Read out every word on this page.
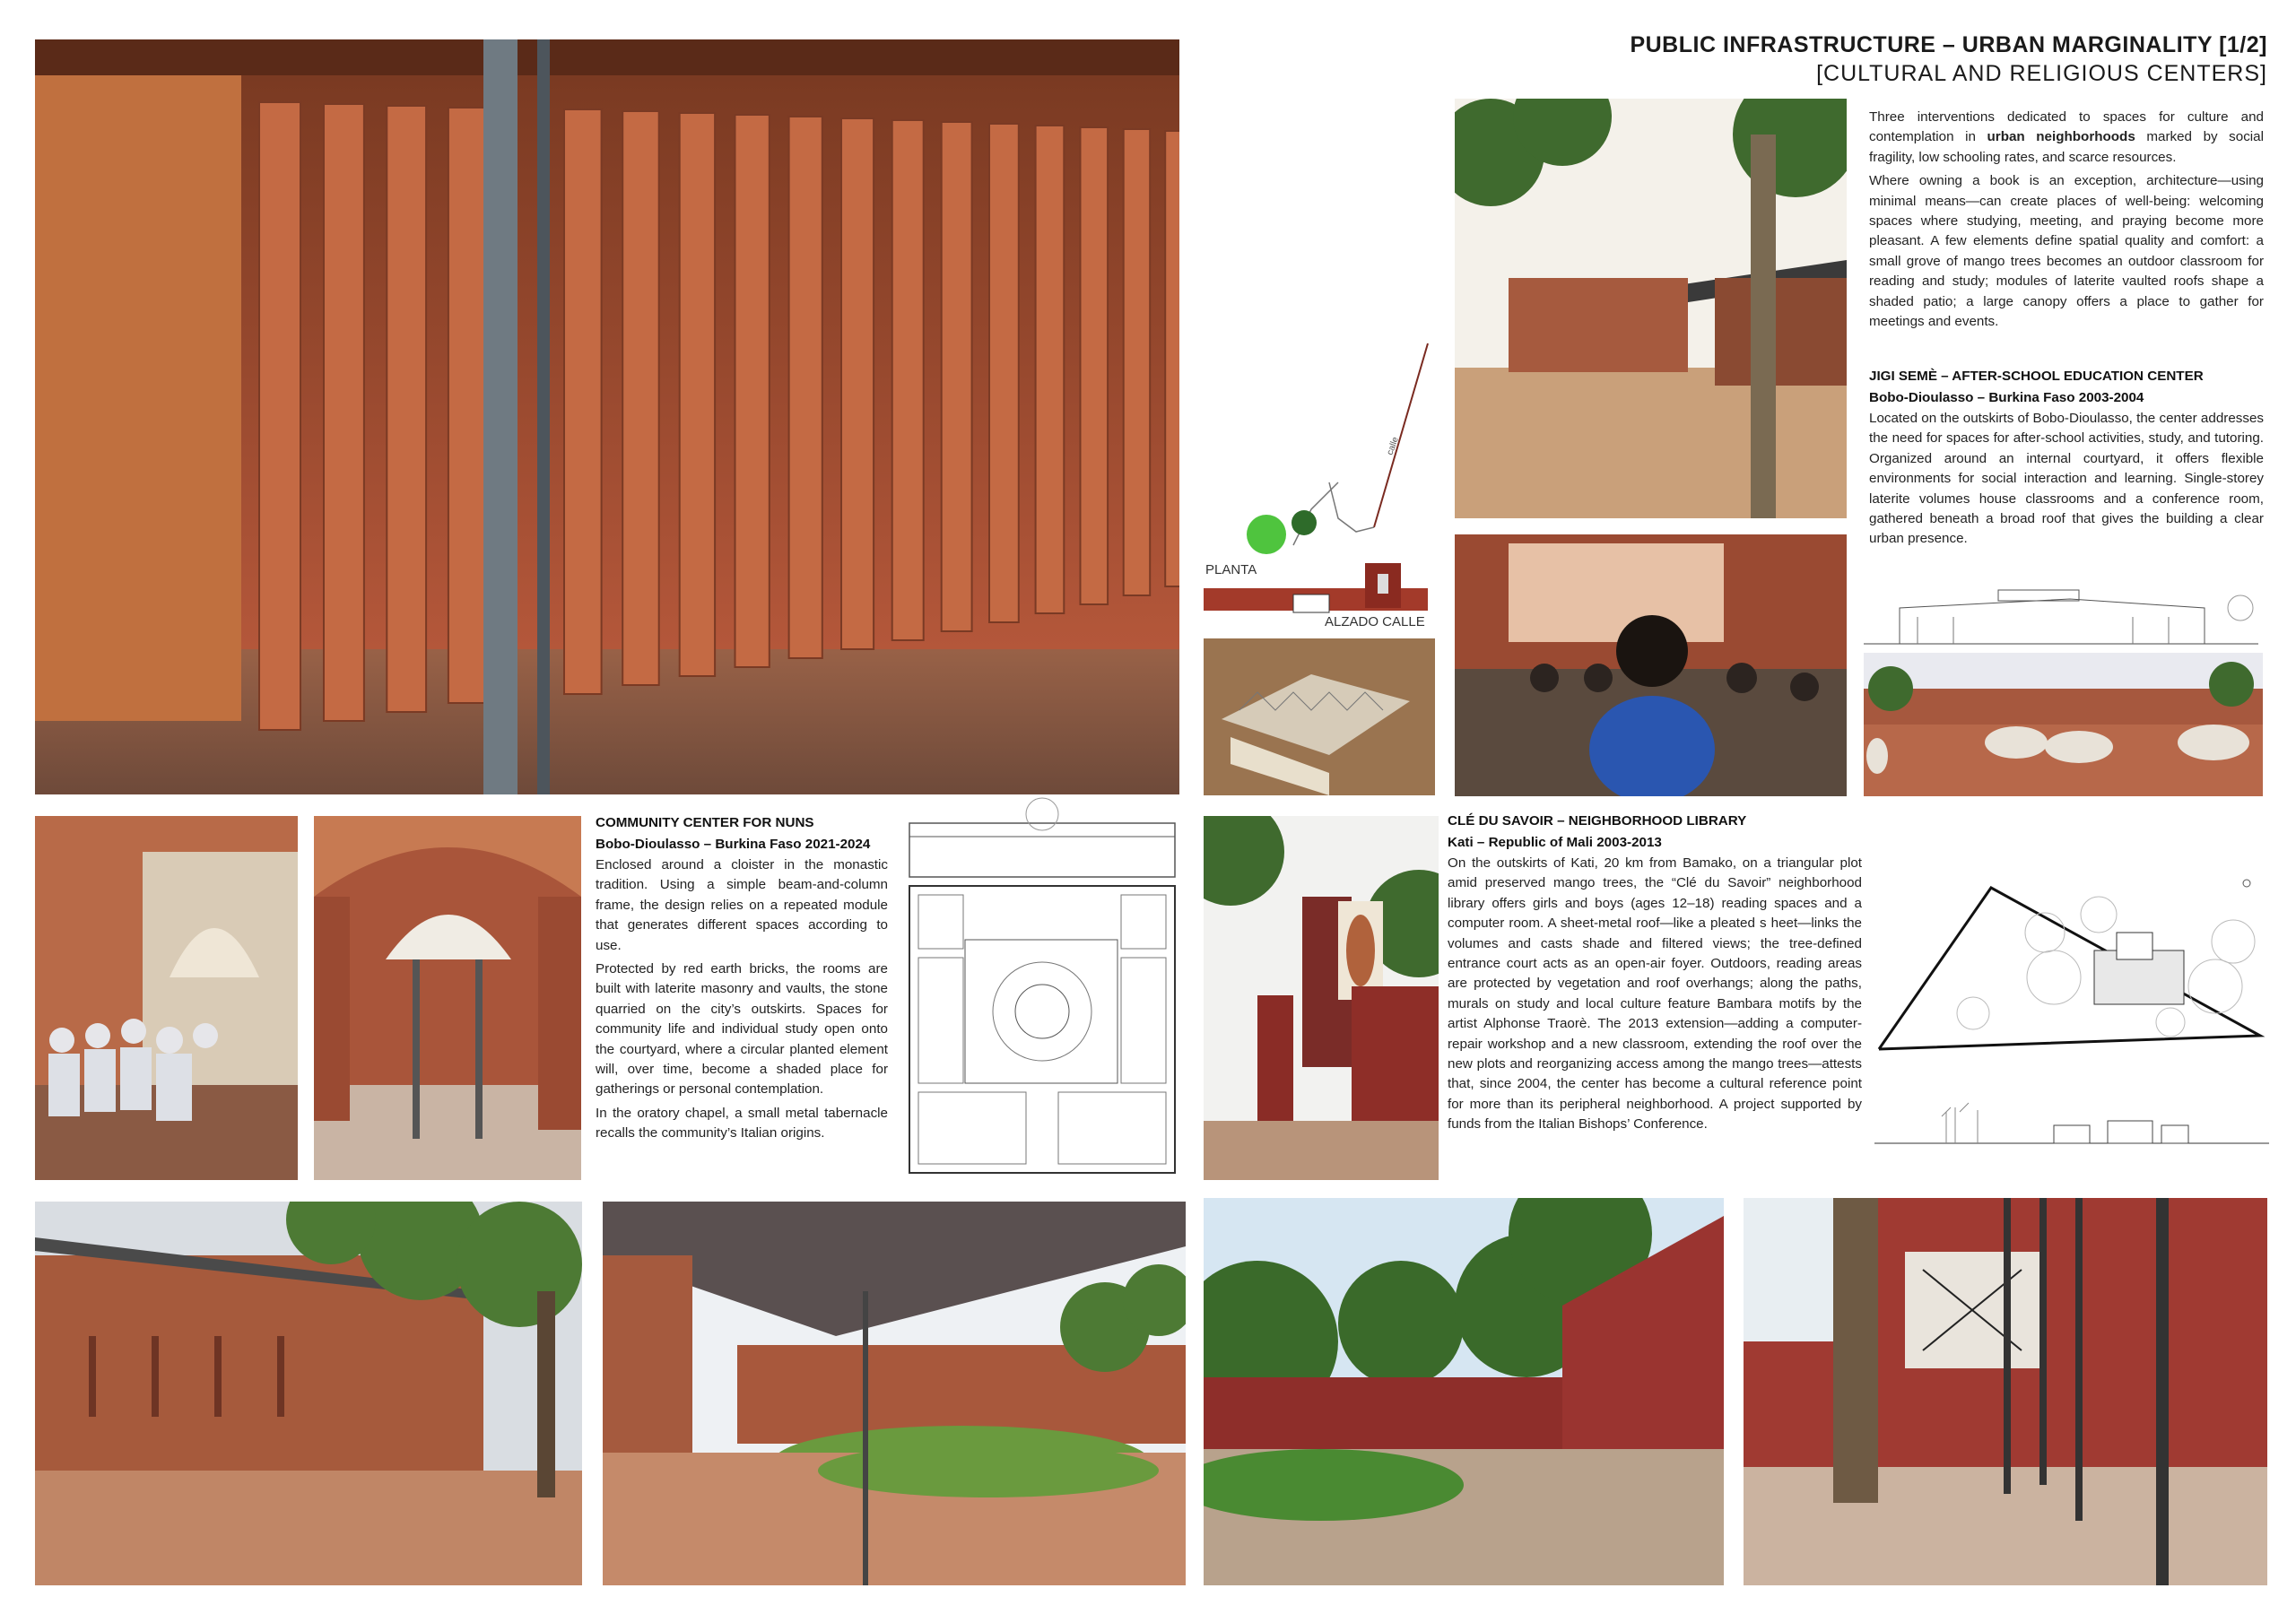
PUBLIC INFRASTRUCTURE – URBAN MARGINALITY [1/2]
[CULTURAL AND RELIGIOUS CENTERS]
PLANTA
ALZADO CALLE
calle

Three interventions dedicated to spaces for culture and contemplation in urban neighborhoods marked by social fragility, low schooling rates, and scarce resources.

Where owning a book is an exception, architecture—using minimal means—can create places of well-being: welcoming spaces where studying, meeting, and praying become more pleasant. A few elements define spatial quality and comfort: a small grove of mango trees becomes an outdoor classroom for reading and study; modules of laterite vaulted roofs shape a shaded patio; a large canopy offers a place to gather for meetings and events.

JIGI SEMÈ – AFTER-SCHOOL EDUCATION CENTER
Bobo-Dioulasso – Burkina Faso 2003-2004

Located on the outskirts of Bobo-Dioulasso, the center addresses the need for spaces for after-school activities, study, and tutoring. Organized around an internal courtyard, it offers flexible environments for social interaction and learning. Single-storey laterite volumes house classrooms and a conference room, gathered beneath a broad roof that gives the building a clear urban presence.

COMMUNITY CENTER FOR NUNS
Bobo-Dioulasso – Burkina Faso 2021-2024

Enclosed around a cloister in the monastic tradition. Using a simple beam-and-column frame, the design relies on a repeated module that generates different spaces according to use.

Protected by red earth bricks, the rooms are built with laterite masonry and vaults, the stone quarried on the city’s outskirts. Spaces for community life and individual study open onto the courtyard, where a circular planted element will, over time, become a shaded place for gatherings or personal contemplation.

In the oratory chapel, a small metal tabernacle recalls the community’s Italian origins.

CLÉ DU SAVOIR – NEIGHBORHOOD LIBRARY
Kati – Republic of Mali 2003-2013

On the outskirts of Kati, 20 km from Bamako, on a triangular plot amid preserved mango trees, the “Clé du Savoir” neighborhood library offers girls and boys (ages 12–18) reading spaces and a computer room. A sheet-metal roof—like a pleated s heet—links the volumes and casts shade and filtered views; the tree-defined entrance court acts as an open-air foyer. Outdoors, reading areas are protected by vegetation and roof overhangs; along the paths, murals on study and local culture feature Bambara motifs by the artist Alphonse Traorè. The 2013 extension—adding a computer-repair workshop and a new classroom, extending the roof over the new plots and reorganizing access among the mango trees—attests that, since 2004, the center has become a cultural reference point for more than its peripheral neighborhood. A project supported by funds from the Italian Bishops’ Conference.
